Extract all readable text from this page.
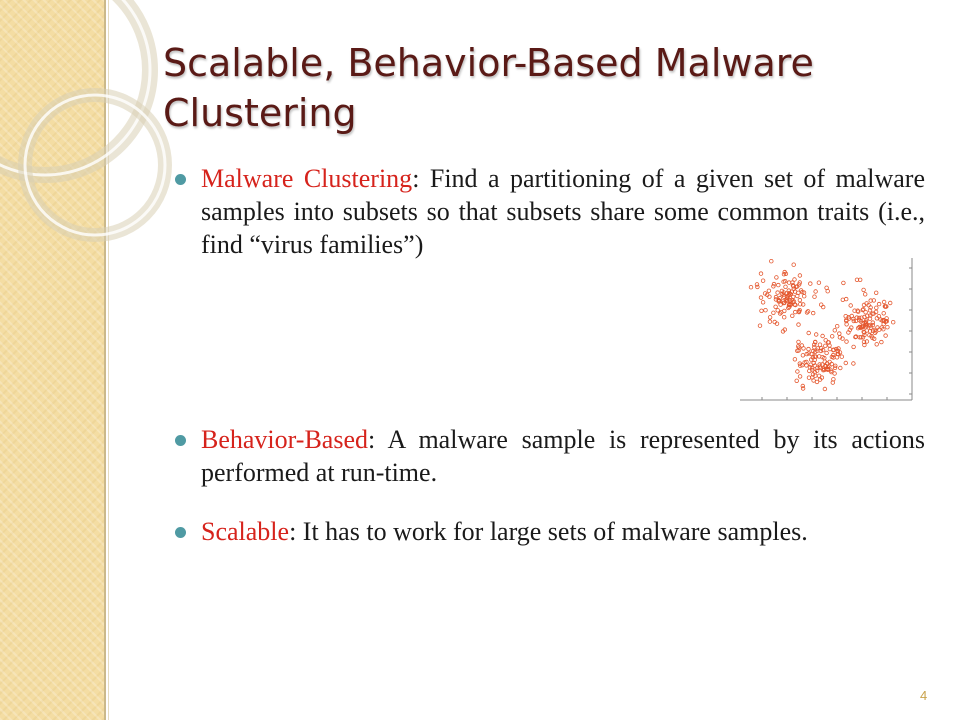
Scalable, Behavior-Based Malware Clustering
Malware Clustering: Find a partitioning of a given set of malware samples into subsets so that subsets share some common traits (i.e., find “virus families”)
Behavior-Based: A malware sample is represented by its actions performed at run-time.
Scalable: It has to work for large sets of malware samples.
4
